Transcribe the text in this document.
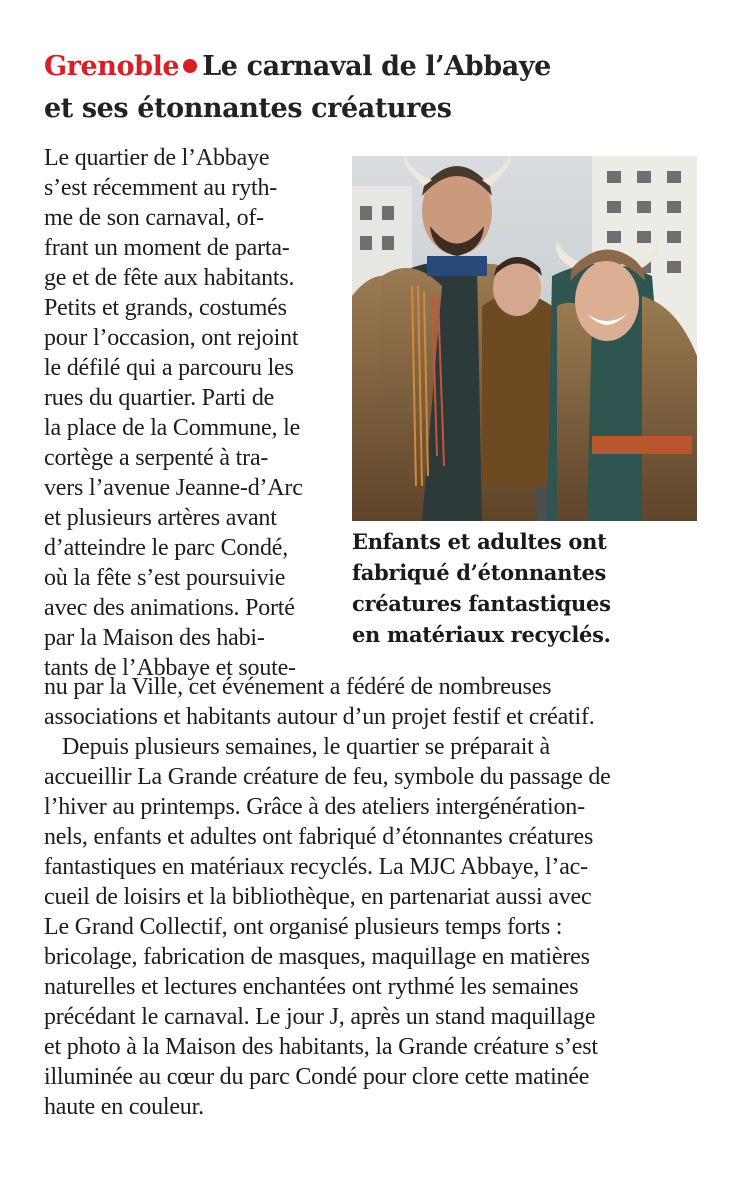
Grenoble Le carnaval de l’Abbaye
et ses étonnantes créatures
Le quartier de l’Abbaye
s’est récemment au ryth-
me de son carnaval, of-
frant un moment de parta-
ge et de fête aux habitants.
Petits et grands, costumés
pour l’occasion, ont rejoint
le défilé qui a parcouru les
rues du quartier. Parti de
la place de la Commune, le
cortège a serpenté à tra-
vers l’avenue Jeanne-d’Arc
et plusieurs artères avant
d’atteindre le parc Condé,
où la fête s’est poursuivie
avec des animations. Porté
par la Maison des habi-
tants de l’Abbaye et soute-
Enfants et adultes ont
fabriqué d’étonnantes
créatures fantastiques
en matériaux recyclés.
nu par la Ville, cet événement a fédéré de nombreuses
associations et habitants autour d’un projet festif et créatif.
Depuis plusieurs semaines, le quartier se préparait à
accueillir La Grande créature de feu, symbole du passage de
l’hiver au printemps. Grâce à des ateliers intergénération-
nels, enfants et adultes ont fabriqué d’étonnantes créatures
fantastiques en matériaux recyclés. La MJC Abbaye, l’ac-
cueil de loisirs et la bibliothèque, en partenariat aussi avec
Le Grand Collectif, ont organisé plusieurs temps forts :
bricolage, fabrication de masques, maquillage en matières
naturelles et lectures enchantées ont rythmé les semaines
précédant le carnaval. Le jour J, après un stand maquillage
et photo à la Maison des habitants, la Grande créature s’est
illuminée au cœur du parc Condé pour clore cette matinée
haute en couleur.
